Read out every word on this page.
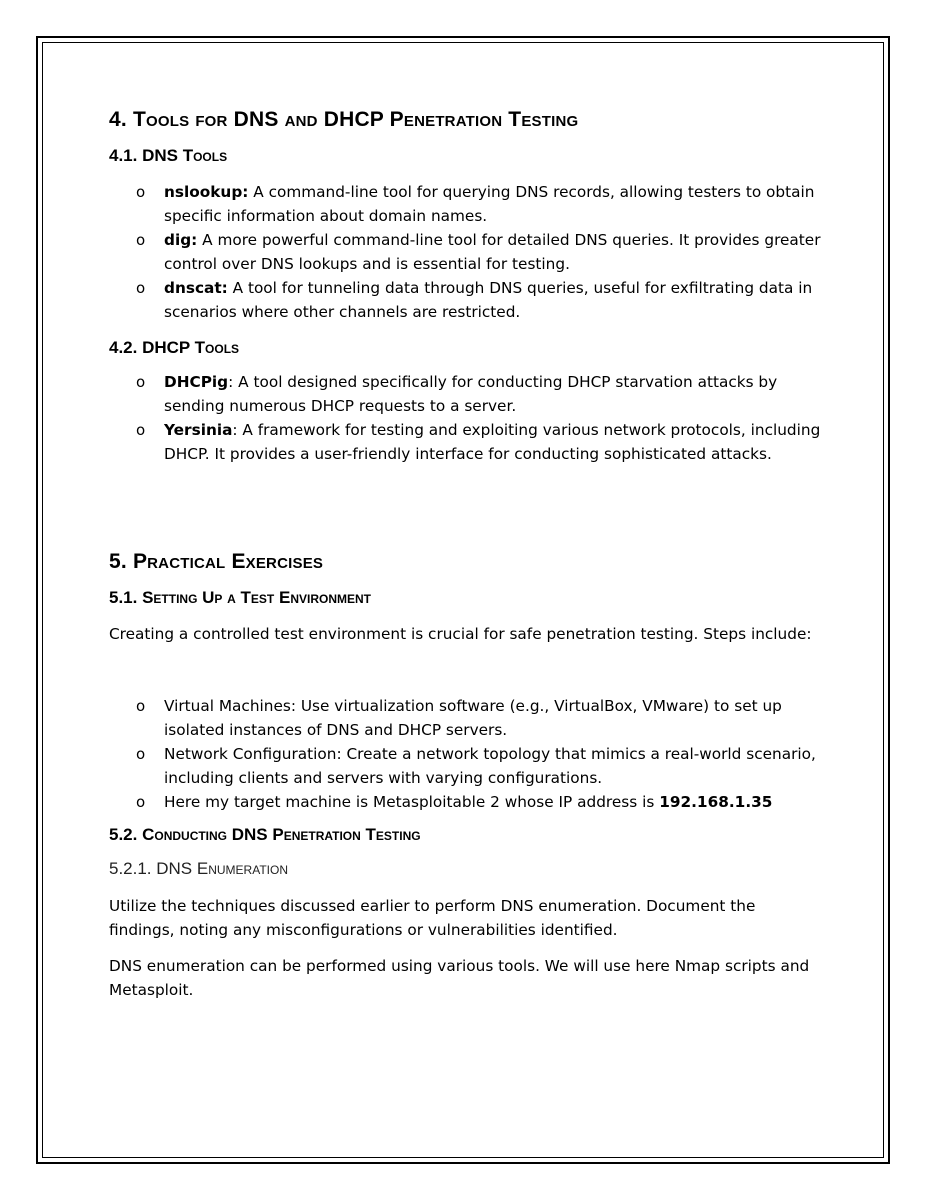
4. Tools for DNS and DHCP Penetration Testing
4.1. DNS Tools
o nslookup: A command-line tool for querying DNS records, allowing testers to obtain specific information about domain names.
o dig: A more powerful command-line tool for detailed DNS queries. It provides greater control over DNS lookups and is essential for testing.
o dnscat: A tool for tunneling data through DNS queries, useful for exfiltrating data in scenarios where other channels are restricted.
4.2. DHCP Tools
o DHCPig: A tool designed specifically for conducting DHCP starvation attacks by sending numerous DHCP requests to a server.
o Yersinia: A framework for testing and exploiting various network protocols, including DHCP. It provides a user-friendly interface for conducting sophisticated attacks.
5. Practical Exercises
5.1. Setting Up a Test Environment
Creating a controlled test environment is crucial for safe penetration testing. Steps include:
o Virtual Machines: Use virtualization software (e.g., VirtualBox, VMware) to set up isolated instances of DNS and DHCP servers.
o Network Configuration: Create a network topology that mimics a real-world scenario, including clients and servers with varying configurations.
o Here my target machine is Metasploitable 2 whose IP address is 192.168.1.35
5.2. Conducting DNS Penetration Testing
5.2.1. DNS Enumeration
Utilize the techniques discussed earlier to perform DNS enumeration. Document the findings, noting any misconfigurations or vulnerabilities identified.
DNS enumeration can be performed using various tools. We will use here Nmap scripts and Metasploit.
